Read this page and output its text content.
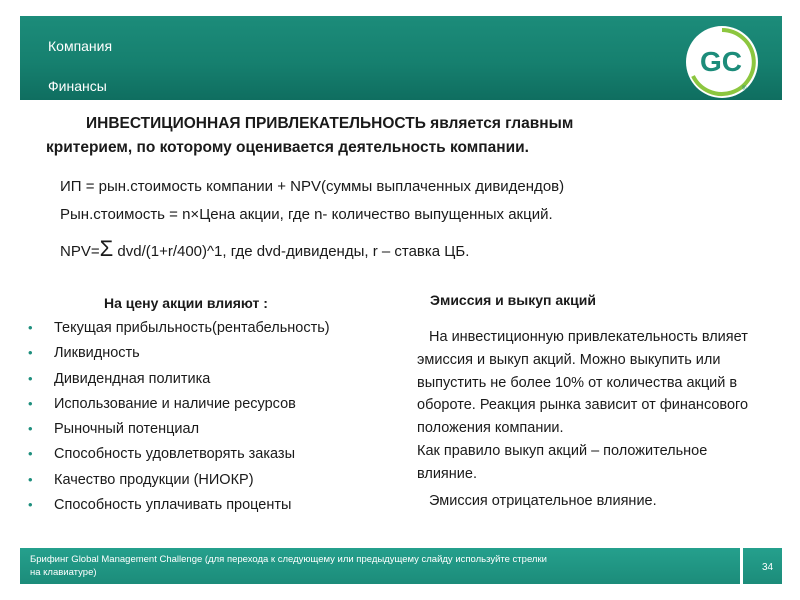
Компания
Финансы
GC
®
ИНВЕСТИЦИОННАЯ ПРИВЛЕКАТЕЛЬНОСТЬ является главным
критерием, по которому оценивается деятельность компании.
ИП = рын.стоимость компании + NPV(суммы выплаченных дивидендов)
Рын.стоимость = n×Цена акции, где n- количество выпущенных акций.
NPV=Σ dvd/(1+r/400)^1, где dvd-дивиденды, r – ставка ЦБ.
На цену акции влияют :
• Текущая прибыльность(рентабельность)
• Ликвидность
• Дивидендная политика
• Использование и наличие ресурсов
• Рыночный потенциал
• Способность удовлетворять заказы
• Качество продукции (НИОКР)
• Способность уплачивать проценты
Эмиссия и выкуп акций

На инвестиционную привлекательность влияет эмиссия и выкуп акций. Можно выкупить или выпустить не более 10% от количества акций в обороте. Реакция рынка зависит от финансового положения компании.

Как правило выкуп акций – положительное влияние.

Эмиссия отрицательное влияние.

Брифинг Global Management Challenge (для перехода к следующему или предыдущему слайду используйте стрелки на клавиатуре)	34
